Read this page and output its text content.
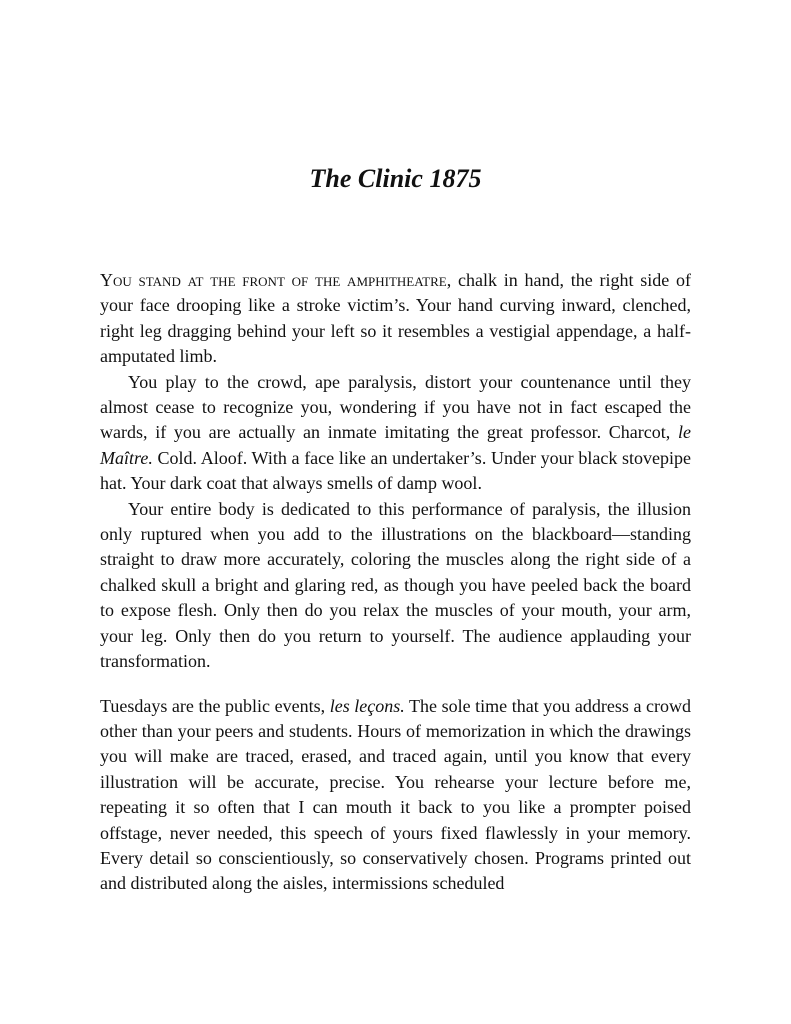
The Clinic 1875

You stand at the front of the amphitheatre, chalk in hand, the right side of your face drooping like a stroke victim’s. Your hand curving inward, clenched, right leg dragging behind your left so it resembles a vestigial appendage, a half-amputated limb.

You play to the crowd, ape paralysis, distort your countenance until they almost cease to recognize you, wondering if you have not in fact escaped the wards, if you are actually an inmate imitating the great professor. Charcot, le Maître. Cold. Aloof. With a face like an undertaker’s. Under your black stovepipe hat. Your dark coat that always smells of damp wool.

Your entire body is dedicated to this performance of paralysis, the illusion only ruptured when you add to the illustrations on the blackboard—standing straight to draw more accurately, coloring the muscles along the right side of a chalked skull a bright and glaring red, as though you have peeled back the board to expose flesh. Only then do you relax the muscles of your mouth, your arm, your leg. Only then do you return to yourself. The audience applauding your transformation.

Tuesdays are the public events, les leçons. The sole time that you address a crowd other than your peers and students. Hours of memorization in which the drawings you will make are traced, erased, and traced again, until you know that every illustration will be accurate, precise. You rehearse your lecture before me, repeating it so often that I can mouth it back to you like a prompter poised offstage, never needed, this speech of yours fixed flawlessly in your memory. Every detail so conscientiously, so conservatively chosen. Programs printed out and distributed along the aisles, intermissions scheduled
